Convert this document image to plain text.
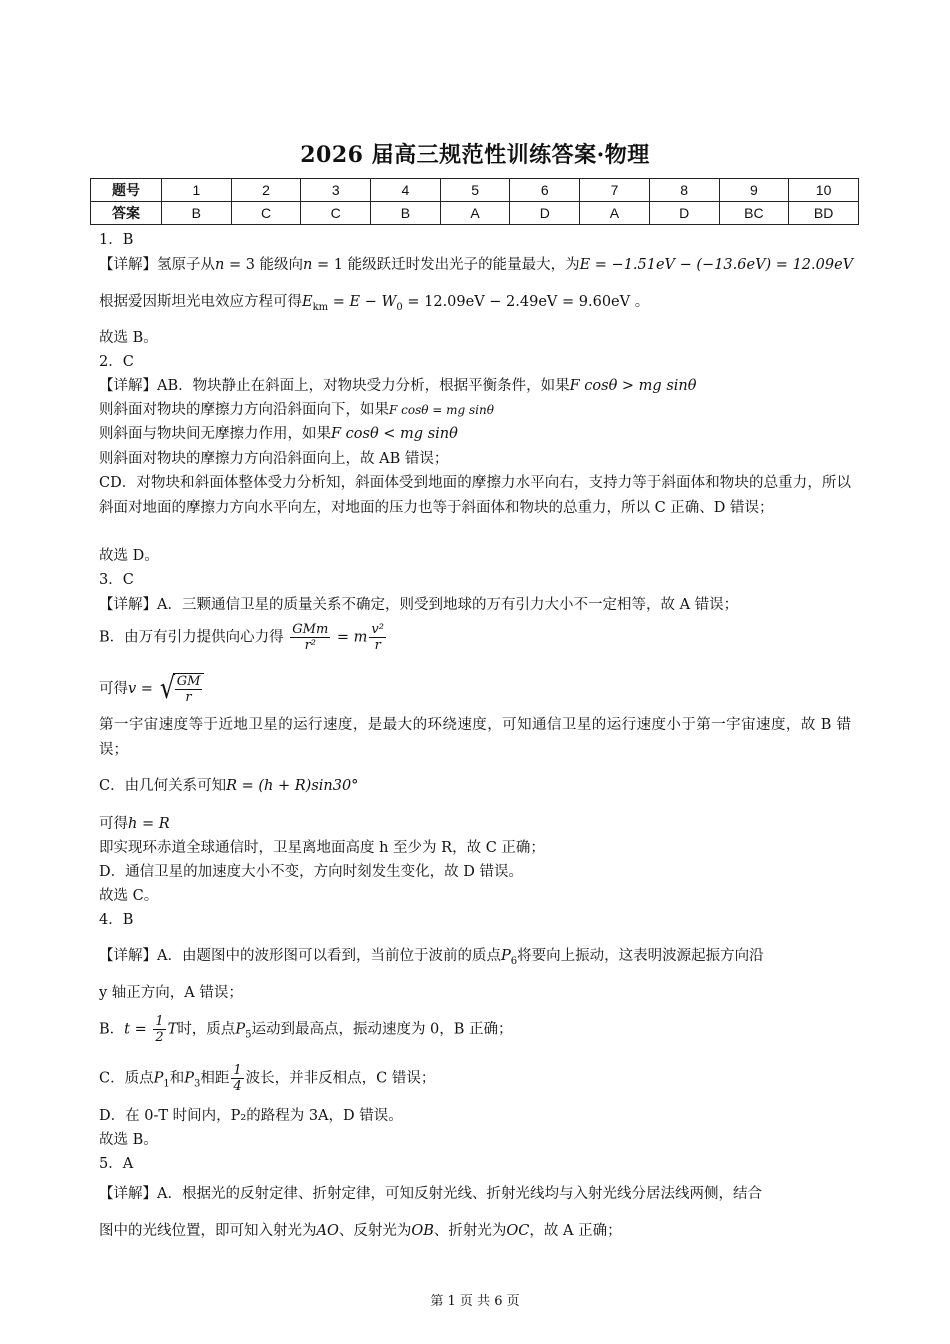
2026 届高三规范性训练答案·物理
题号	1	2	3	4	5	6	7	8	9	10
答案	B	C	C	B	A	D	A	D	BC	BD
1．B
【详解】氢原子从n = 3 能级向n = 1 能级跃迁时发出光子的能量最大，为E = −1.51eV − (−13.6eV) = 12.09eV
根据爱因斯坦光电效应方程可得$E_{km} = E - W_0 = 12.09eV - 2.49eV = 9.60eV$ 。
故选 B。
2．C
【详解】AB．物块静止在斜面上，对物块受力分析，根据平衡条件，如果F cosθ > mg sinθ
则斜面对物块的摩擦力方向沿斜面向下，如果F cosθ = mg sinθ
则斜面与物块间无摩擦力作用，如果F cosθ < mg sinθ
则斜面对物块的摩擦力方向沿斜面向上，故 AB 错误；
CD．对物块和斜面体整体受力分析知，斜面体受到地面的摩擦力水平向右，支持力等于斜面体和物块的总重力，所以斜面对地面的摩擦力方向水平向左，对地面的压力也等于斜面体和物块的总重力，所以 C 正确、D 错误；
故选 D。
3．C
【详解】A．三颗通信卫星的质量关系不确定，则受到地球的万有引力大小不一定相等，故 A 错误；
B．由万有引力提供向心力得 $\frac{\text{GMm}}{\text{r²}} = m \frac{\text{v²}}{r}$
可得v = √ $\frac{GM}{r}$
第一宇宙速度等于近地卫星的运行速度，是最大的环绕速度，可知通信卫星的运行速度小于第一宇宙速度，故 B 错误；
C．由几何关系可知R = (h + R)sin30°
可得h = R
即实现环赤道全球通信时，卫星离地面高度 h 至少为 R，故 C 正确；
D．通信卫星的加速度大小不变，方向时刻发生变化，故 D 错误。
故选 C。
4．B
【详解】A．由题图中的波形图可以看到，当前位于波前的质点$P_6$将要向上振动，这表明波源起振方向沿
y 轴正方向，A 错误；
B．$t = \frac{1}{2}$ T时，质点$P_5$运动到最高点，振动速度为 0，B 正确；
C．质点$P_1$和$P_3$相距 $\frac{1}{4}$ 波长，并非反相点，C 错误；
D．在 0-T 时间内，P₂的路程为 3A，D 错误。
故选 B。
5．A
【详解】A．根据光的反射定律、折射定律，可知反射光线、折射光线均与入射光线分居法线两侧，结合
图中的光线位置，即可知入射光为AO、反射光为OB、折射光为OC，故 A 正确；
第 1 页 共 6 页
